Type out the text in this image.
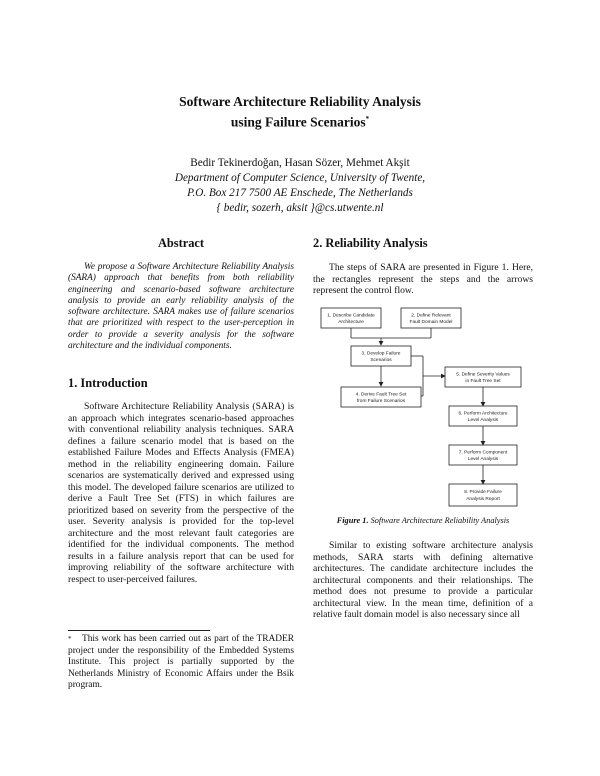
Software Architecture Reliability Analysis
using Failure Scenarios*
Bedir Tekinerdoğan, Hasan Sözer, Mehmet Akşit
Department of Computer Science, University of Twente,
P.O. Box 217 7500 AE Enschede, The Netherlands
{ bedir, sozerh, aksit }@cs.utwente.nl
Abstract

We propose a Software Architecture Reliability Analysis (SARA) approach that benefits from both reliability engineering and scenario-based software architecture analysis to provide an early reliability analysis of the software architecture. SARA makes use of failure scenarios that are prioritized with respect to the user-perception in order to provide a severity analysis for the software architecture and the individual components.

1. Introduction

Software Architecture Reliability Analysis (SARA) is an approach which integrates scenario-based approaches with conventional reliability analysis techniques. SARA defines a failure scenario model that is based on the established Failure Modes and Effects Analysis (FMEA) method in the reliability engineering domain. Failure scenarios are systematically derived and expressed using this model. The developed failure scenarios are utilized to derive a Fault Tree Set (FTS) in which failures are prioritized based on severity from the perspective of the user. Severity analysis is provided for the top-level architecture and the most relevant fault categories are identified for the individual components. The method results in a failure analysis report that can be used for improving reliability of the software architecture with respect to user-perceived failures.

* This work has been carried out as part of the TRADER project under the responsibility of the Embedded Systems Institute. This project is partially supported by the Netherlands Ministry of Economic Affairs under the Bsik program.
2. Reliability Analysis

The steps of SARA are presented in Figure 1. Here, the rectangles represent the steps and the arrows represent the control flow.

1. Describe Candidate
Architecture
2. Define Relevant
Fault Domain Model
3. Develop Failure
Scenarios
4. Derive Fault Tree Set
from Failure Scenarios
5. Define Severity Values
in Fault Tree Set
6. Perform Architecture
Level Analysis
7. Perform Component
Level Analysis
8. Provide Failure
Analysis Report
Figure 1. Software Architecture Reliability Analysis

Similar to existing software architecture analysis methods, SARA starts with defining alternative architectures. The candidate architecture includes the architectural components and their relationships. The method does not presume to provide a particular architectural view. In the mean time, definition of a relative fault domain model is also necessary since all
